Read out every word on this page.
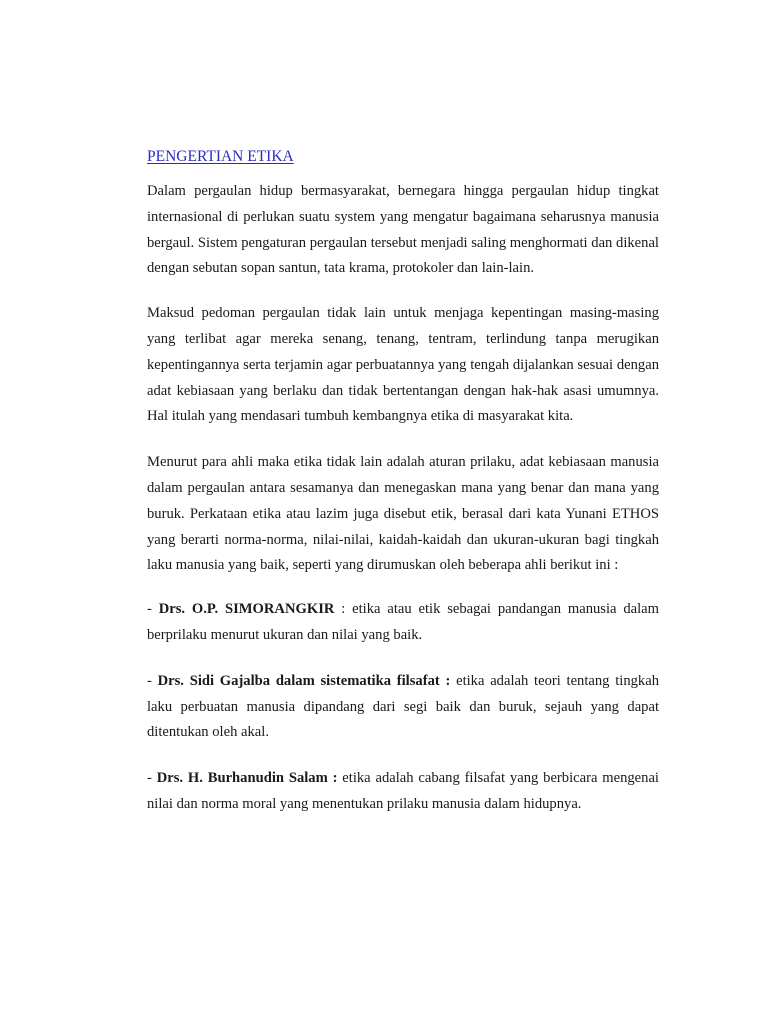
PENGERTIAN ETIKA

Dalam pergaulan hidup bermasyarakat, bernegara hingga pergaulan hidup tingkat internasional di perlukan suatu system yang mengatur bagaimana seharusnya manusia bergaul. Sistem pengaturan pergaulan tersebut menjadi saling menghormati dan dikenal dengan sebutan sopan santun, tata krama, protokoler dan lain-lain.

Maksud pedoman pergaulan tidak lain untuk menjaga kepentingan masing-masing yang terlibat agar mereka senang, tenang, tentram, terlindung tanpa merugikan kepentingannya serta terjamin agar perbuatannya yang tengah dijalankan sesuai dengan adat kebiasaan yang berlaku dan tidak bertentangan dengan hak-hak asasi umumnya. Hal itulah yang mendasari tumbuh kembangnya etika di masyarakat kita.

Menurut para ahli maka etika tidak lain adalah aturan prilaku, adat kebiasaan manusia dalam pergaulan antara sesamanya dan menegaskan mana yang benar dan mana yang buruk. Perkataan etika atau lazim juga disebut etik, berasal dari kata Yunani ETHOS yang berarti norma-norma, nilai-nilai, kaidah-kaidah dan ukuran-ukuran bagi tingkah laku manusia yang baik, seperti yang dirumuskan oleh beberapa ahli berikut ini :

- Drs. O.P. SIMORANGKIR : etika atau etik sebagai pandangan manusia dalam berprilaku menurut ukuran dan nilai yang baik.

- Drs. Sidi Gajalba dalam sistematika filsafat : etika adalah teori tentang tingkah laku perbuatan manusia dipandang dari segi baik dan buruk, sejauh yang dapat ditentukan oleh akal.

- Drs. H. Burhanudin Salam : etika adalah cabang filsafat yang berbicara mengenai nilai dan norma moral yang menentukan prilaku manusia dalam hidupnya.
